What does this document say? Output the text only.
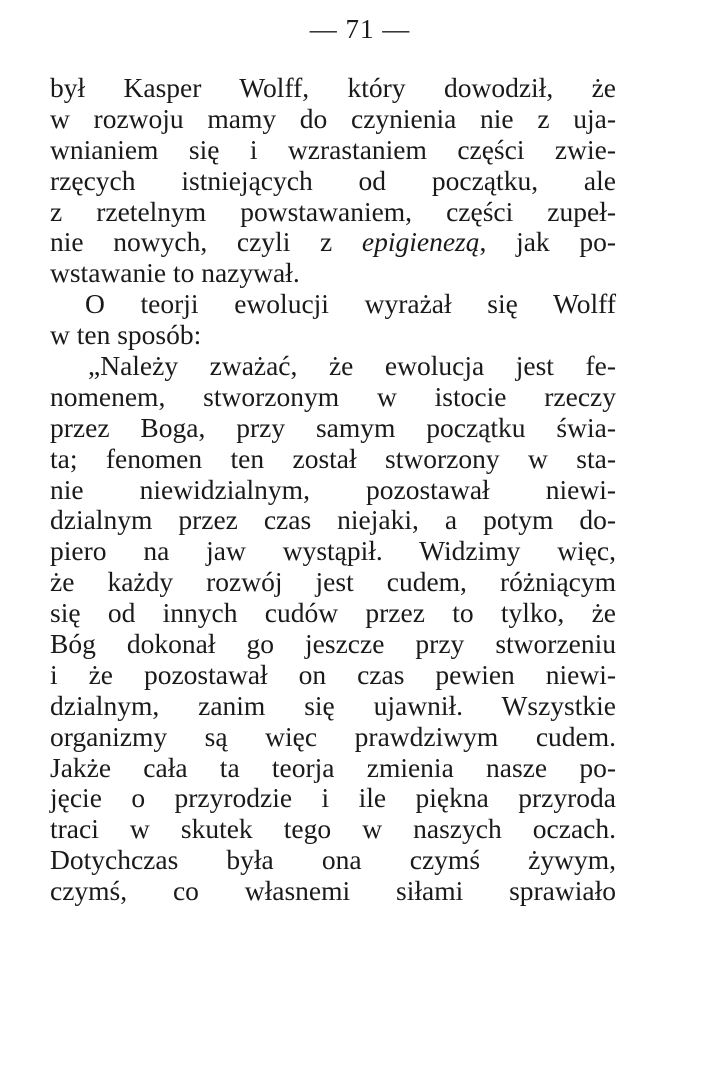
— 71 —
był Kasper Wolff, który dowodził, że
w rozwoju mamy do czynienia nie z uja-
wnianiem się i wzrastaniem części zwie-
rzęcych istniejących od początku, ale
z rzetelnym powstawaniem, części zupeł-
nie nowych, czyli z epigienezą, jak po-
wstawanie to nazywał.
O teorji ewolucji wyrażał się Wolff
w ten sposób:
„Należy zważać, że ewolucja jest fe-
nomenem, stworzonym w istocie rzeczy
przez Boga, przy samym początku świa-
ta; fenomen ten został stworzony w sta-
nie niewidzialnym, pozostawał niewi-
dzialnym przez czas niejaki, a potym do-
piero na jaw wystąpił. Widzimy więc,
że każdy rozwój jest cudem, różniącym
się od innych cudów przez to tylko, że
Bóg dokonał go jeszcze przy stworzeniu
i że pozostawał on czas pewien niewi-
dzialnym, zanim się ujawnił. Wszystkie
organizmy są więc prawdziwym cudem.
Jakże cała ta teorja zmienia nasze po-
jęcie o przyrodzie i ile piękna przyroda
traci w skutek tego w naszych oczach.
Dotychczas była ona czymś żywym,
czymś, co własnemi siłami sprawiało
